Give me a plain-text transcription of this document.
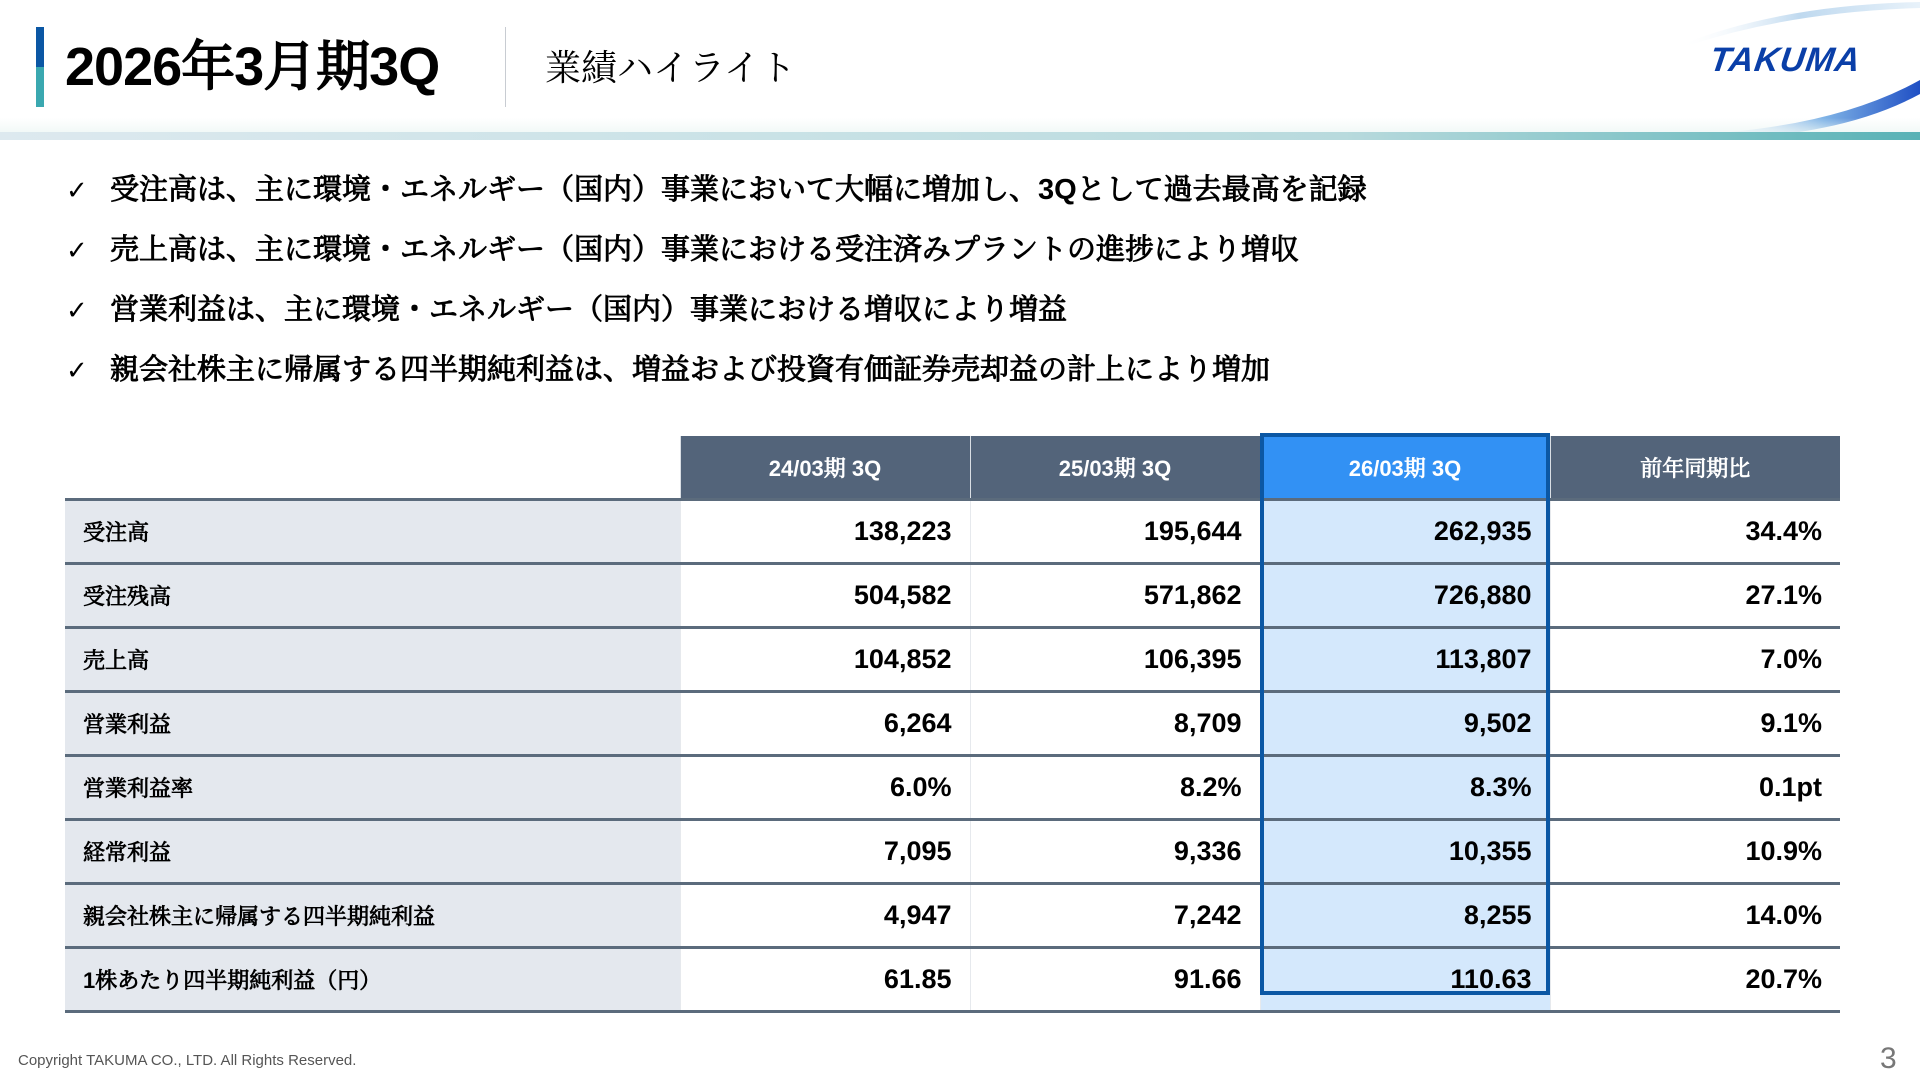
2026年3月期3Q	業績ハイライト	TAKUMA
✓ 受注高は、主に環境・エネルギー（国内）事業において大幅に増加し、3Qとして過去最高を記録
✓ 売上高は、主に環境・エネルギー（国内）事業における受注済みプラントの進捗により増収
✓ 営業利益は、主に環境・エネルギー（国内）事業における増収により増益
✓ 親会社株主に帰属する四半期純利益は、増益および投資有価証券売却益の計上により増加
	24/03期 3Q	25/03期 3Q	26/03期 3Q	前年同期比
受注高	138,223	195,644	262,935	34.4%
受注残高	504,582	571,862	726,880	27.1%
売上高	104,852	106,395	113,807	7.0%
営業利益	6,264	8,709	9,502	9.1%
営業利益率	6.0%	8.2%	8.3%	0.1pt
経常利益	7,095	9,336	10,355	10.9%
親会社株主に帰属する四半期純利益	4,947	7,242	8,255	14.0%
1株あたり四半期純利益（円）	61.85	91.66	110.63	20.7%
Copyright TAKUMA CO., LTD. All Rights Reserved.	3
